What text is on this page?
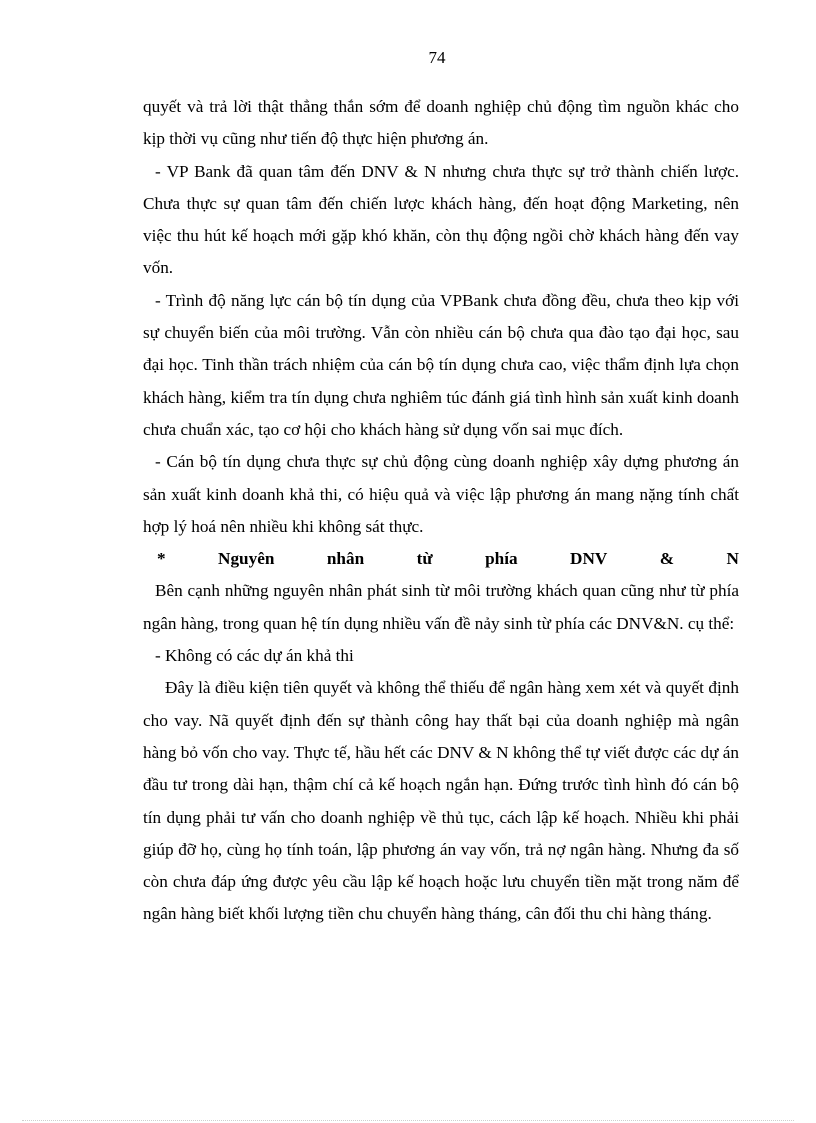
74

quyết và trả lời thật thẳng thắn sớm để doanh nghiệp chủ động tìm nguồn khác cho kịp thời vụ cũng như tiến độ thực hiện phương án.

- VP Bank đã quan tâm đến DNV & N nhưng chưa thực sự trở thành chiến lược. Chưa thực sự quan tâm đến chiến lược khách hàng, đến hoạt động Marketing, nên việc thu hút kế hoạch mới gặp khó khăn, còn thụ động ngồi chờ khách hàng đến vay vốn.

- Trình độ năng lực cán bộ tín dụng của VPBank chưa đồng đều, chưa theo kịp với sự chuyển biến của môi trường. Vẫn còn nhiều cán bộ chưa qua đào tạo đại học, sau đại học. Tinh thần trách nhiệm của cán bộ tín dụng chưa cao, việc thẩm định lựa chọn khách hàng, kiểm tra tín dụng chưa nghiêm túc đánh giá tình hình sản xuất kinh doanh chưa chuẩn xác, tạo cơ hội cho khách hàng sử dụng vốn sai mục đích.

- Cán bộ tín dụng chưa thực sự chủ động cùng doanh nghiệp xây dựng phương án sản xuất kinh doanh khả thi, có hiệu quả và việc lập phương án mang nặng tính chất hợp lý hoá nên nhiều khi không sát thực.

*	Nguyên	nhân	từ	phía	DNV	&	N

Bên cạnh những nguyên nhân phát sinh từ môi trường khách quan cũng như từ phía ngân hàng, trong quan hệ tín dụng nhiều vấn đề nảy sinh từ phía các DNV&N. cụ thể:

- Không có các dự án khả thi

Đây là điều kiện tiên quyết và không thể thiếu để ngân hàng xem xét và quyết định cho vay. Nã quyết định đến sự thành công hay thất bại của doanh nghiệp mà ngân hàng bỏ vốn cho vay. Thực tế, hầu hết các DNV & N không thể tự viết được các dự án đầu tư trong dài hạn, thậm chí cả kế hoạch ngắn hạn. Đứng trước tình hình đó cán bộ tín dụng phải tư vấn cho doanh nghiệp về thủ tục, cách lập kế hoạch. Nhiều khi phải giúp đỡ họ, cùng họ tính toán, lập phương án vay vốn, trả nợ ngân hàng. Nhưng đa số còn chưa đáp ứng được yêu cầu lập kế hoạch hoặc lưu chuyển tiền mặt trong năm để ngân hàng biết khối lượng tiền chu chuyển hàng tháng, cân đối thu chi hàng tháng.
